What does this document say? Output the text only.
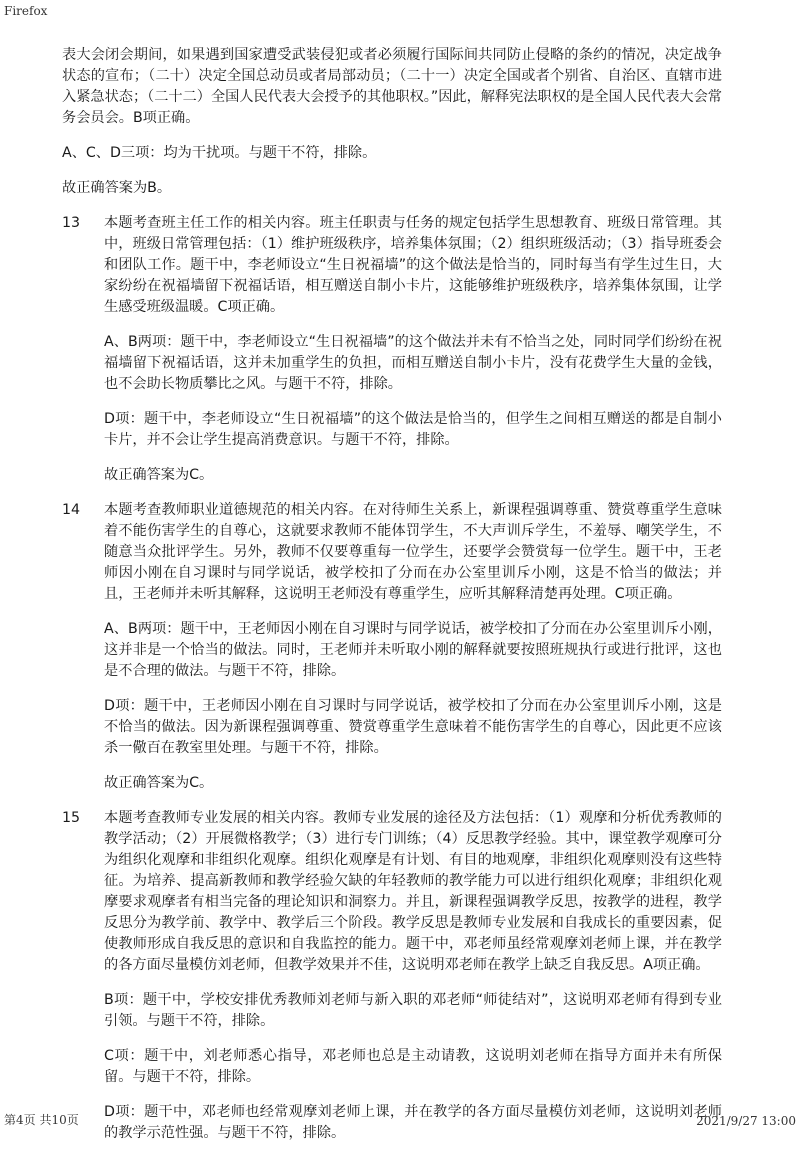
Firefox

表大会闭会期间，如果遇到国家遭受武装侵犯或者必须履行国际间共同防止侵略的条约的情况，决定战争状态的宣布；（二十）决定全国总动员或者局部动员；（二十一）决定全国或者个别省、自治区、直辖市进入紧急状态；（二十二）全国人民代表大会授予的其他职权。”因此，解释宪法职权的是全国人民代表大会常务会员会。B项正确。

A、C、D三项：均为干扰项。与题干不符，排除。

故正确答案为B。

13 本题考查班主任工作的相关内容。班主任职责与任务的规定包括学生思想教育、班级日常管理。其中，班级日常管理包括：（1）维护班级秩序，培养集体氛围；（2）组织班级活动；（3）指导班委会和团队工作。题干中，李老师设立“生日祝福墙”的这个做法是恰当的，同时每当有学生过生日，大家纷纷在祝福墙留下祝福话语，相互赠送自制小卡片，这能够维护班级秩序，培养集体氛围，让学生感受班级温暖。C项正确。

A、B两项：题干中，李老师设立“生日祝福墙”的这个做法并未有不恰当之处，同时同学们纷纷在祝福墙留下祝福话语，这并未加重学生的负担，而相互赠送自制小卡片，没有花费学生大量的金钱，也不会助长物质攀比之风。与题干不符，排除。

D项：题干中，李老师设立“生日祝福墙”的这个做法是恰当的，但学生之间相互赠送的都是自制小卡片，并不会让学生提高消费意识。与题干不符，排除。

故正确答案为C。

14 本题考查教师职业道德规范的相关内容。在对待师生关系上，新课程强调尊重、赞赏尊重学生意味着不能伤害学生的自尊心，这就要求教师不能体罚学生，不大声训斥学生，不羞辱、嘲笑学生，不随意当众批评学生。另外，教师不仅要尊重每一位学生，还要学会赞赏每一位学生。题干中，王老师因小刚在自习课时与同学说话，被学校扣了分而在办公室里训斥小刚，这是不恰当的做法；并且，王老师并未听其解释，这说明王老师没有尊重学生，应听其解释清楚再处理。C项正确。

A、B两项：题干中，王老师因小刚在自习课时与同学说话，被学校扣了分而在办公室里训斥小刚，这并非是一个恰当的做法。同时，王老师并未听取小刚的解释就要按照班规执行或进行批评，这也是不合理的做法。与题干不符，排除。

D项：题干中，王老师因小刚在自习课时与同学说话，被学校扣了分而在办公室里训斥小刚，这是不恰当的做法。因为新课程强调尊重、赞赏尊重学生意味着不能伤害学生的自尊心，因此更不应该杀一儆百在教室里处理。与题干不符，排除。

故正确答案为C。

15 本题考查教师专业发展的相关内容。教师专业发展的途径及方法包括：（1）观摩和分析优秀教师的教学活动；（2）开展微格教学；（3）进行专门训练；（4）反思教学经验。其中，课堂教学观摩可分为组织化观摩和非组织化观摩。组织化观摩是有计划、有目的地观摩，非组织化观摩则没有这些特征。为培养、提高新教师和教学经验欠缺的年轻教师的教学能力可以进行组织化观摩；非组织化观摩要求观摩者有相当完备的理论知识和洞察力。并且，新课程强调教学反思，按教学的进程，教学反思分为教学前、教学中、教学后三个阶段。教学反思是教师专业发展和自我成长的重要因素，促使教师形成自我反思的意识和自我监控的能力。题干中，邓老师虽经常观摩刘老师上课，并在教学的各方面尽量模仿刘老师，但教学效果并不佳，这说明邓老师在教学上缺乏自我反思。A项正确。

B项：题干中，学校安排优秀教师刘老师与新入职的邓老师“师徒结对”，这说明邓老师有得到专业引领。与题干不符，排除。

C项：题干中，刘老师悉心指导，邓老师也总是主动请教，这说明刘老师在指导方面并未有所保留。与题干不符，排除。

D项：题干中，邓老师也经常观摩刘老师上课，并在教学的各方面尽量模仿刘老师，这说明刘老师的教学示范性强。与题干不符，排除。

第4页 共10页	2021/9/27 13:00
